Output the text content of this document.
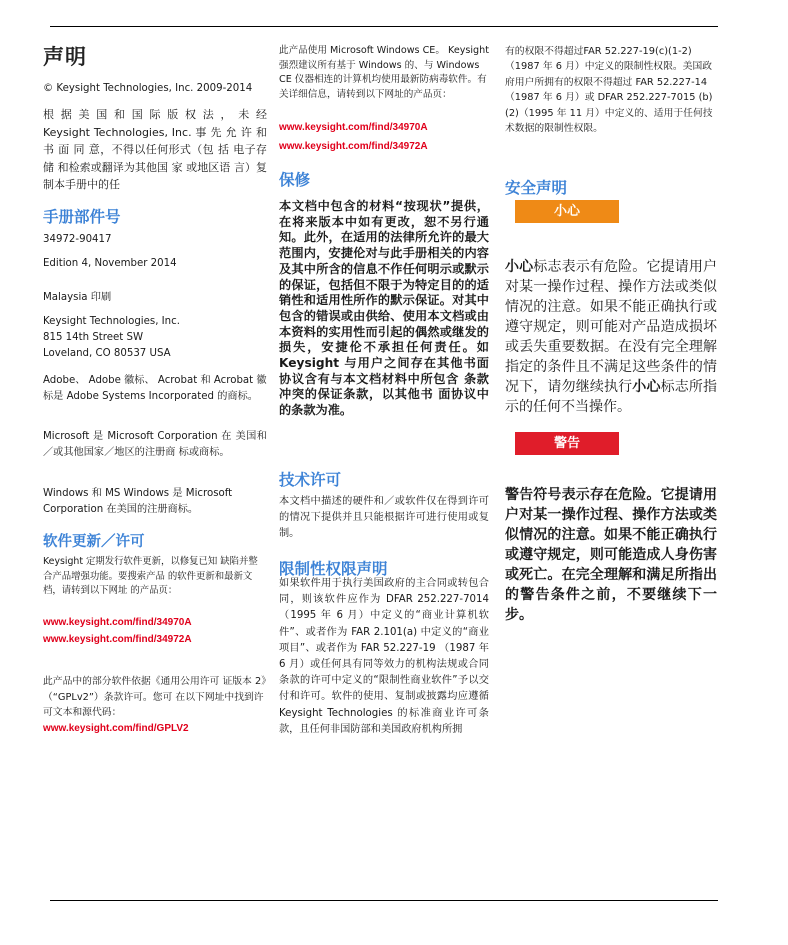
声明
© Keysight Technologies, Inc. 2009-2014
根 据 美 国 和 国 际 版 权 法 ， 未 经 Keysight Technologies, Inc. 事 先 允 许 和 书 面 同 意，不得以任何形式（包 括 电子存储 和检索或翻译为其他国 家 或地区语 言）复制本手册中的任
手册部件号
34972-90417
Edition 4, November 2014
Malaysia 印刷
Keysight Technologies, Inc.
815 14th Street SW
Loveland, CO 80537 USA
Adobe、 Adobe 徽标、 Acrobat 和 Acrobat 徽标是 Adobe Systems Incorporated 的商标。
Microsoft 是 Microsoft Corporation 在 美国和／或其他国家／地区的注册商 标或商标。
Windows 和 MS Windows 是 Microsoft Corporation 在美国的注册商标。
软件更新／许可
Keysight 定期发行软件更新，以修复已知 缺陷并整合产品增强功能。要搜索产品 的软件更新和最新文档，请转到以下网址 的产品页：
www.keysight.com/find/34970A
www.keysight.com/find/34972A
此产品中的部分软件依据《通用公用许可 证版本 2》（“GPLv2”）条款许可。您可 在以下网址中找到许可文本和源代码：
www.keysight.com/find/GPLV2
此产品使用 Microsoft Windows CE。 Keysight 强烈建议所有基于 Windows 的、与 Windows CE 仪器相连的计算机均使用最新防病毒软件。有关详细信息，请转到以下网址的产品页：
www.keysight.com/find/34970A
www.keysight.com/find/34972A
保修
本文档中包含的材料“按现状”提供，在将来版本中如有更改，恕不另行通知。此外，在适用的法律所允许的最大范围内，安捷伦对与此手册相关的内容及其中所含的信息不作任何明示或默示的保证，包括但不限于为特定目的的适销性和适用性所作的默示保证。对其中包含的错误或由供给、使用本文档或由本资料的实用性而引起的偶然或继发的损失，安捷伦不承担任何责任。如 Keysight 与用户之间存在其他书面 协议含有与本文档材料中所包含 条款冲突的保证条款，以其他书 面协议中的条款为准。
技术许可
本文档中描述的硬件和／或软件仅在得到许可的情况下提供并且只能根据许可进行使用或复制。
限制性权限声明
如果软件用于执行美国政府的主合同或转包合同，则该软件应作为 DFAR 252.227-7014（1995 年 6 月）中定义的“商业计算机软件”、或者作为 FAR 2.101(a) 中定义的“商业项目”、或者作为 FAR 52.227-19 （1987 年 6 月）或任何具有同等效力的机构法规或合同条款的许可中定义的“限制性商业软件”予以交付和许可。软件的使用、复制或披露均应遵循 Keysight Technologies 的标准商业许可条款，且任何非国防部和美国政府机构所拥
有的权限不得超过FAR 52.227-19(c)(1-2)（1987 年 6 月）中定义的限制性权限。美国政府用户所拥有的权限不得超过 FAR 52.227-14（1987 年 6 月）或 DFAR 252.227-7015 (b)(2)（1995 年 11 月）中定义的、适用于任何技术数据的限制性权限。
安全声明
小心
小心标志表示有危险。它提请用户对某一操作过程、操作方法或类似情况的注意。如果不能正确执行或遵守规定，则可能对产品造成损坏或丢失重要数据。在没有完全理解指定的条件且不满足这些条件的情况下，请勿继续执行小心标志所指示的任何不当操作。
警告
警告符号表示存在危险。它提请用户对某一操作过程、操作方法或类似情况的注意。如果不能正确执行或遵守规定，则可能造成人身伤害或死亡。在完全理解和满足所指出的警告条件之前，不要继续下一步。
